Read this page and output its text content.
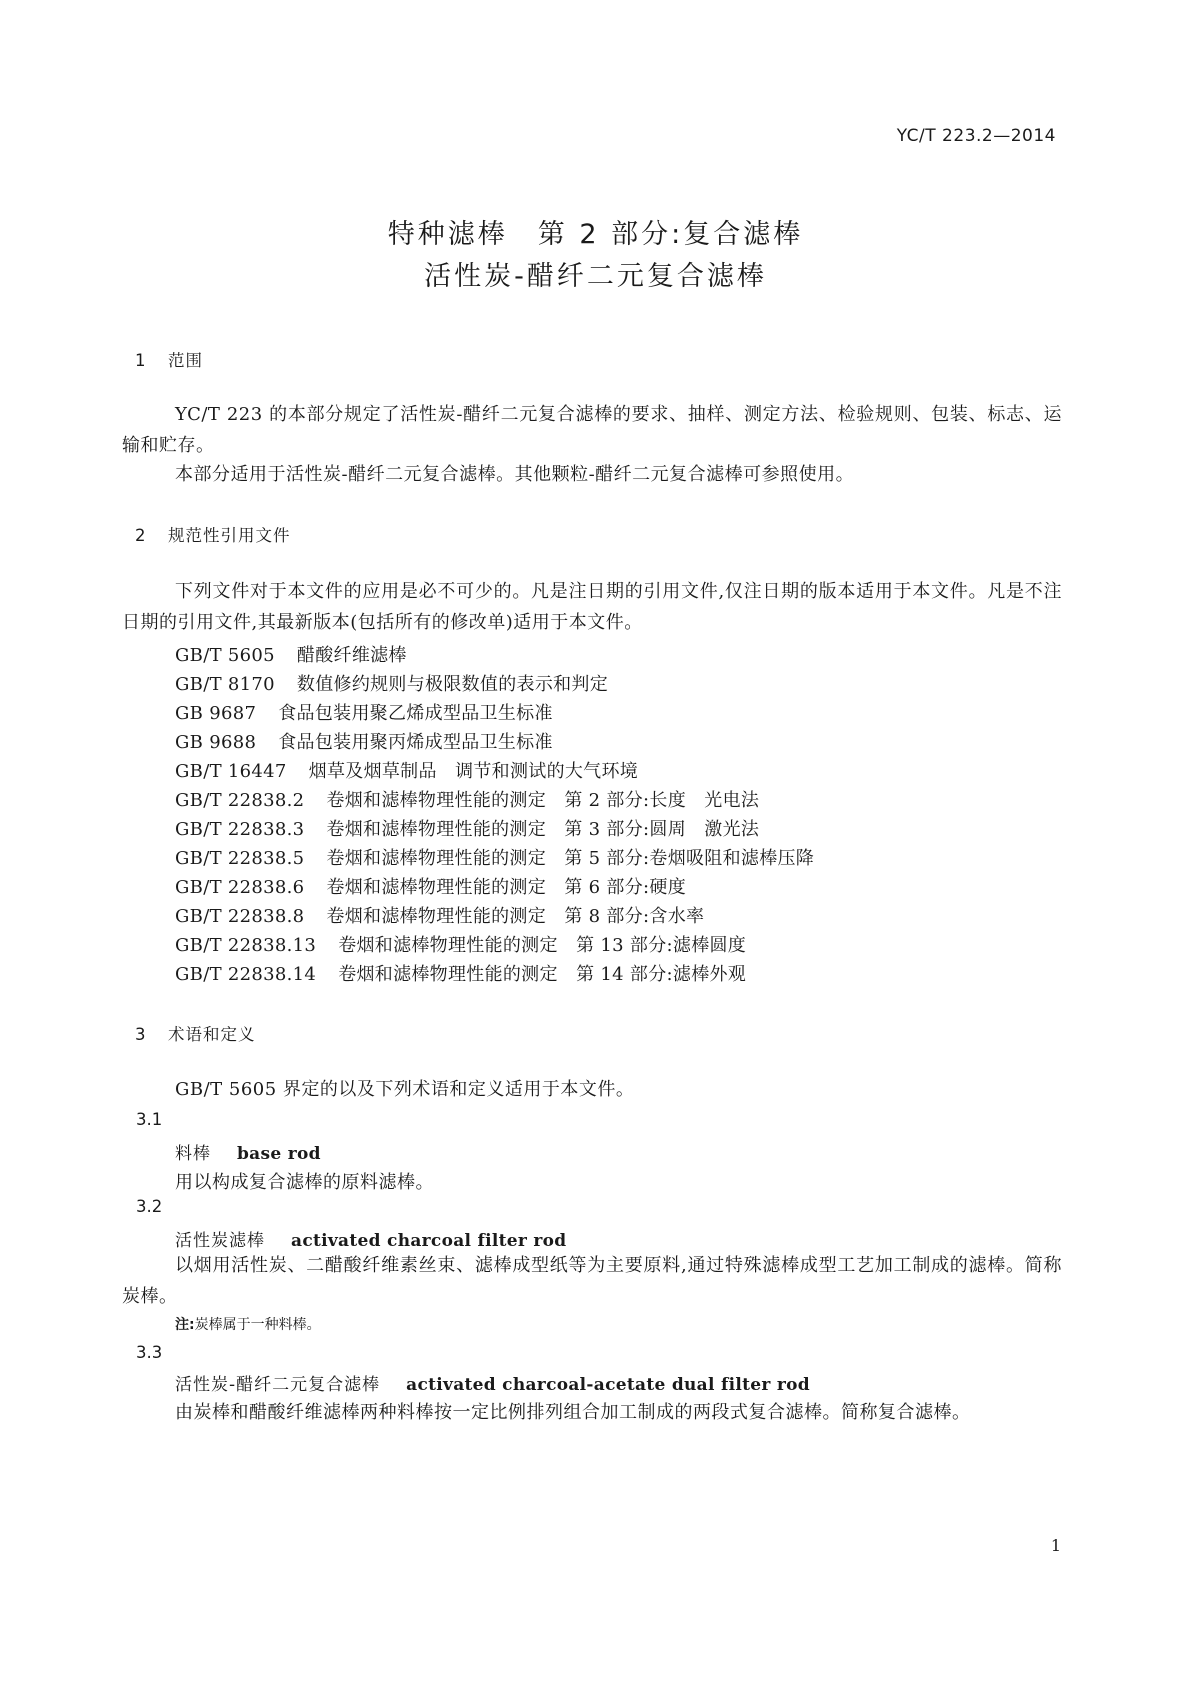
YC/T 223.2—2014
特种滤棒　第 2 部分:复合滤棒
活性炭-醋纤二元复合滤棒
1 范围
YC/T 223 的本部分规定了活性炭-醋纤二元复合滤棒的要求、抽样、测定方法、检验规则、包装、标志、运输和贮存。
本部分适用于活性炭-醋纤二元复合滤棒。其他颗粒-醋纤二元复合滤棒可参照使用。
2 规范性引用文件
下列文件对于本文件的应用是必不可少的。凡是注日期的引用文件,仅注日期的版本适用于本文件。凡是不注日期的引用文件,其最新版本(包括所有的修改单)适用于本文件。
GB/T 5605 醋酸纤维滤棒
GB/T 8170 数值修约规则与极限数值的表示和判定
GB 9687 食品包装用聚乙烯成型品卫生标准
GB 9688 食品包装用聚丙烯成型品卫生标准
GB/T 16447 烟草及烟草制品　调节和测试的大气环境
GB/T 22838.2 卷烟和滤棒物理性能的测定　第 2 部分:长度　光电法
GB/T 22838.3 卷烟和滤棒物理性能的测定　第 3 部分:圆周　激光法
GB/T 22838.5 卷烟和滤棒物理性能的测定　第 5 部分:卷烟吸阻和滤棒压降
GB/T 22838.6 卷烟和滤棒物理性能的测定　第 6 部分:硬度
GB/T 22838.8 卷烟和滤棒物理性能的测定　第 8 部分:含水率
GB/T 22838.13 卷烟和滤棒物理性能的测定　第 13 部分:滤棒圆度
GB/T 22838.14 卷烟和滤棒物理性能的测定　第 14 部分:滤棒外观
3 术语和定义
GB/T 5605 界定的以及下列术语和定义适用于本文件。
3.1
料棒 base rod
用以构成复合滤棒的原料滤棒。
3.2
活性炭滤棒 activated charcoal filter rod
以烟用活性炭、二醋酸纤维素丝束、滤棒成型纸等为主要原料,通过特殊滤棒成型工艺加工制成的滤棒。简称炭棒。
注:炭棒属于一种料棒。
3.3
活性炭-醋纤二元复合滤棒 activated charcoal-acetate dual filter rod
由炭棒和醋酸纤维滤棒两种料棒按一定比例排列组合加工制成的两段式复合滤棒。简称复合滤棒。
1
